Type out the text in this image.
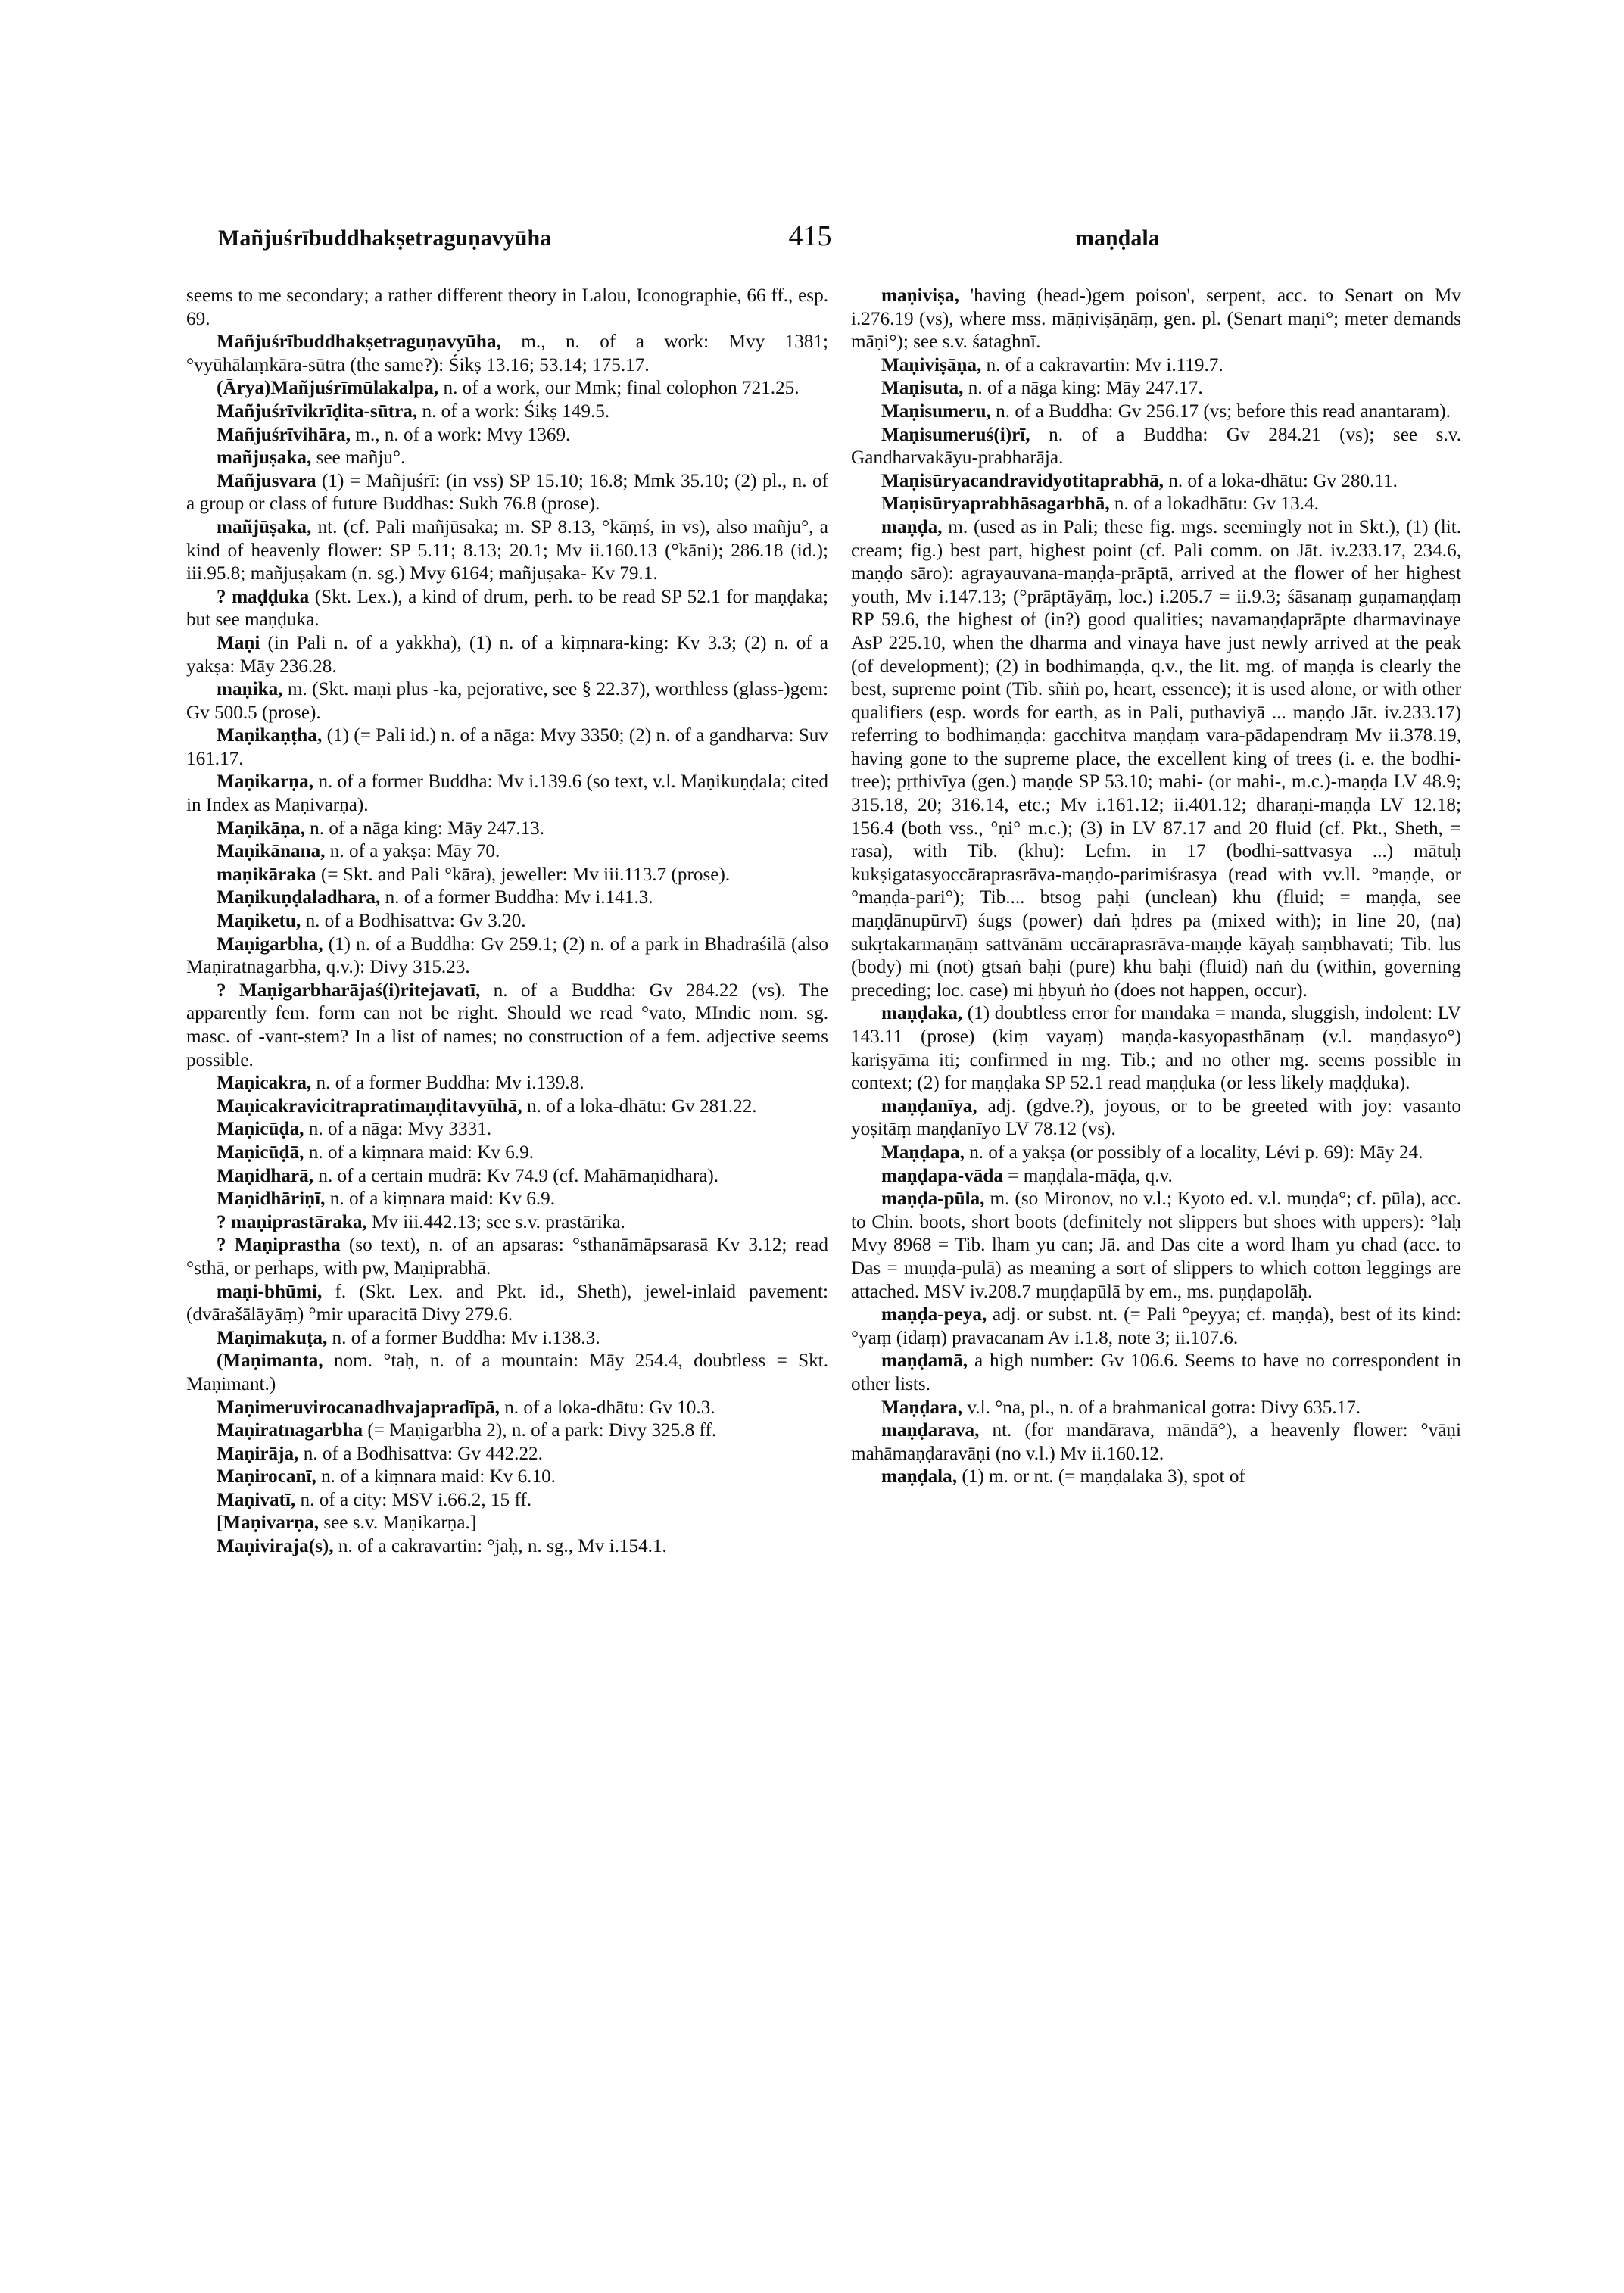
Mañjuśrībuddhakṣetraguṇavyūha	415	maṇḍala

seems to me secondary; a rather different theory in Lalou, Iconographie, 66 ff., esp. 69.

Mañjuśrībuddhakṣetraguṇavyūha, m., n. of a work: Mvy 1381; °vyūhālaṃkāra-sūtra (the same?): Śikṣ 13.16; 53.14; 175.17.

(Ārya)Mañjuśrīmūlakalpa, n. of a work, our Mmk; final colophon 721.25.

Mañjuśrīvikrīḍita-sūtra, n. of a work: Śikṣ 149.5.

Mañjuśrīvihāra, m., n. of a work: Mvy 1369.

mañjuṣaka, see mañju°.

Mañjusvara (1) = Mañjuśrī: (in vss) SP 15.10; 16.8; Mmk 35.10; (2) pl., n. of a group or class of future Buddhas: Sukh 76.8 (prose).

mañjūṣaka, nt. (cf. Pali mañjūsaka; m. SP 8.13, °kāṃś, in vs), also mañju°, a kind of heavenly flower: SP 5.11; 8.13; 20.1; Mv ii.160.13 (°kāni); 286.18 (id.); iii.95.8; mañjuṣakam (n. sg.) Mvy 6164; mañjuṣaka- Kv 79.1.

? maḍḍuka (Skt. Lex.), a kind of drum, perh. to be read SP 52.1 for maṇḍaka; but see maṇḍuka.

Maṇi (in Pali n. of a yakkha), (1) n. of a kiṃnara-king: Kv 3.3; (2) n. of a yakṣa: Māy 236.28.

maṇika, m. (Skt. maṇi plus -ka, pejorative, see § 22.37), worthless (glass-)gem: Gv 500.5 (prose).

Maṇikaṇṭha, (1) (= Pali id.) n. of a nāga: Mvy 3350; (2) n. of a gandharva: Suv 161.17.

Maṇikarṇa, n. of a former Buddha: Mv i.139.6 (so text, v.l. Maṇikuṇḍala; cited in Index as Maṇivarṇa).

Maṇikāṇa, n. of a nāga king: Māy 247.13.

Maṇikānana, n. of a yakṣa: Māy 70.

maṇikāraka (= Skt. and Pali °kāra), jeweller: Mv iii.113.7 (prose).

Maṇikuṇḍaladhara, n. of a former Buddha: Mv i.141.3.

Maṇiketu, n. of a Bodhisattva: Gv 3.20.

Maṇigarbha, (1) n. of a Buddha: Gv 259.1; (2) n. of a park in Bhadraśilā (also Maṇiratnagarbha, q.v.): Divy 315.23.

? Maṇigarbharājaś(i)ritejavatī, n. of a Buddha: Gv 284.22 (vs). The apparently fem. form can not be right. Should we read °vato, MIndic nom. sg. masc. of -vant-stem? In a list of names; no construction of a fem. adjective seems possible.

Maṇicakra, n. of a former Buddha: Mv i.139.8.

Maṇicakravicitrapratimaṇḍitavyūhā, n. of a loka-dhātu: Gv 281.22.

Maṇicūḍa, n. of a nāga: Mvy 3331.

Maṇicūḍā, n. of a kiṃnara maid: Kv 6.9.

Maṇidharā, n. of a certain mudrā: Kv 74.9 (cf. Mahāmaṇidhara).

Maṇidhāriṇī, n. of a kiṃnara maid: Kv 6.9.

? maṇiprastāraka, Mv iii.442.13; see s.v. prastārika.

? Maṇiprastha (so text), n. of an apsaras: °sthanāmāpsarasā Kv 3.12; read °sthā, or perhaps, with pw, Maṇiprabhā.

maṇi-bhūmi, f. (Skt. Lex. and Pkt. id., Sheth), jewel-inlaid pavement: (dvārašālāyāṃ) °mir uparacitā Divy 279.6.

Maṇimakuṭa, n. of a former Buddha: Mv i.138.3.

(Maṇimanta, nom. °taḥ, n. of a mountain: Māy 254.4, doubtless = Skt. Maṇimant.)

Maṇimeruvirocanadhvajapradīpā, n. of a loka-dhātu: Gv 10.3.

Maṇiratnagarbha (= Maṇigarbha 2), n. of a park: Divy 325.8 ff.

Maṇirāja, n. of a Bodhisattva: Gv 442.22.

Maṇirocanī, n. of a kiṃnara maid: Kv 6.10.

Maṇivatī, n. of a city: MSV i.66.2, 15 ff.

[Maṇivarṇa, see s.v. Maṇikarṇa.]

Maṇiviraja(s), n. of a cakravartin: °jaḥ, n. sg., Mv i.154.1.

maṇiviṣa, 'having (head-)gem poison', serpent, acc. to Senart on Mv i.276.19 (vs), where mss. māṇiviṣāṇāṃ, gen. pl. (Senart maṇi°; meter demands māṇi°); see s.v. śataghnī.

Maṇiviṣāṇa, n. of a cakravartin: Mv i.119.7.

Maṇisuta, n. of a nāga king: Māy 247.17.

Maṇisumeru, n. of a Buddha: Gv 256.17 (vs; before this read anantaram).

Maṇisumeruś(i)rī, n. of a Buddha: Gv 284.21 (vs); see s.v. Gandharvakāyu-prabharāja.

Maṇisūryacandravidyotitaprabhā, n. of a loka-dhātu: Gv 280.11.

Maṇisūryaprabhāsagarbhā, n. of a lokadhātu: Gv 13.4.

maṇḍa, m. (used as in Pali; these fig. mgs. seemingly not in Skt.), (1) (lit. cream; fig.) best part, highest point (cf. Pali comm. on Jāt. iv.233.17, 234.6, maṇḍo sāro): agrayauvana-maṇḍa-prāptā, arrived at the flower of her highest youth, Mv i.147.13; (°prāptāyāṃ, loc.) i.205.7 = ii.9.3; śāsanaṃ guṇamaṇḍaṃ RP 59.6, the highest of (in?) good qualities; navamaṇḍaprāpte dharmavinaye AsP 225.10, when the dharma and vinaya have just newly arrived at the peak (of development); (2) in bodhimaṇḍa, q.v., the lit. mg. of maṇḍa is clearly the best, supreme point (Tib. sñiṅ po, heart, essence); it is used alone, or with other qualifiers (esp. words for earth, as in Pali, puthaviyā ... maṇḍo Jāt. iv.233.17) referring to bodhimaṇḍa: gacchitva maṇḍaṃ vara-pādapendraṃ Mv ii.378.19, having gone to the supreme place, the excellent king of trees (i. e. the bodhi-tree); pṛthivīya (gen.) maṇḍe SP 53.10; mahi- (or mahi-, m.c.)-maṇḍa LV 48.9; 315.18, 20; 316.14, etc.; Mv i.161.12; ii.401.12; dharaṇi-maṇḍa LV 12.18; 156.4 (both vss., °ṇi° m.c.); (3) in LV 87.17 and 20 fluid (cf. Pkt., Sheth, = rasa), with Tib. (khu): Lefm. in 17 (bodhi-sattvasya ...) mātuḥ kukṣigatasyoccāraprasrāva-maṇḍo-parimiśrasya (read with vv.ll. °maṇḍe, or °maṇḍa-pari°); Tib.... btsog paḥi (unclean) khu (fluid; = maṇḍa, see maṇḍānupūrvī) śugs (power) daṅ ḥdres pa (mixed with); in line 20, (na) sukṛtakarmaṇāṃ sattvānām uccāraprasrāva-maṇḍe kāyaḥ saṃbhavati; Tib. lus (body) mi (not) gtsaṅ baḥi (pure) khu baḥi (fluid) naṅ du (within, governing preceding; loc. case) mi ḥbyuṅ ṅo (does not happen, occur).

maṇḍaka, (1) doubtless error for mandaka = manda, sluggish, indolent: LV 143.11 (prose) (kiṃ vayaṃ) maṇḍa-kasyopasthānaṃ (v.l. maṇḍasyo°) kariṣyāma iti; confirmed in mg. Tib.; and no other mg. seems possible in context; (2) for maṇḍaka SP 52.1 read maṇḍuka (or less likely maḍḍuka).

maṇḍanīya, adj. (gdve.?), joyous, or to be greeted with joy: vasanto yoṣitāṃ maṇḍanīyo LV 78.12 (vs).

Maṇḍapa, n. of a yakṣa (or possibly of a locality, Lévi p. 69): Māy 24.

maṇḍapa-vāda = maṇḍala-māḍa, q.v.

maṇḍa-pūla, m. (so Mironov, no v.l.; Kyoto ed. v.l. muṇḍa°; cf. pūla), acc. to Chin. boots, short boots (definitely not slippers but shoes with uppers): °laḥ Mvy 8968 = Tib. lham yu can; Jā. and Das cite a word lham yu chad (acc. to Das = muṇḍa-pulā) as meaning a sort of slippers to which cotton leggings are attached. MSV iv.208.7 muṇḍapūlā by em., ms. puṇḍapolāḥ.

maṇḍa-peya, adj. or subst. nt. (= Pali °peyya; cf. maṇḍa), best of its kind: °yaṃ (idaṃ) pravacanam Av i.1.8, note 3; ii.107.6.

maṇḍamā, a high number: Gv 106.6. Seems to have no correspondent in other lists.

Maṇḍara, v.l. °na, pl., n. of a brahmanical gotra: Divy 635.17.

maṇḍarava, nt. (for mandārava, māndā°), a heavenly flower: °vāṇi mahāmaṇḍaravāṇi (no v.l.) Mv ii.160.12.

maṇḍala, (1) m. or nt. (= maṇḍalaka 3), spot of
